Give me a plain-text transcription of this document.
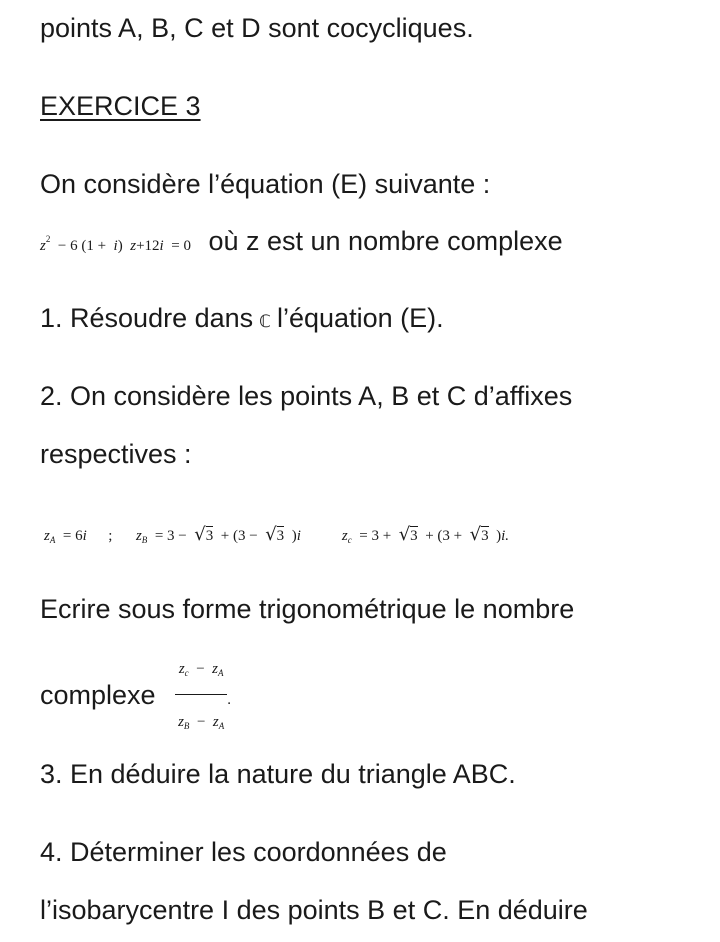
points A, B, C et D sont cocycliques.
EXERCICE 3
On considère l’équation (E) suivante :
$z^2 - 6$ (1 + i) z+12i = 0 où z est un nombre complexe
1. Résoudre dans ℂ l’équation (E).
2. On considère les points A, B et C d’affixes
respectives :
$z_A = 6i$ ; $z_B = 3 - √3 + (3 - √3$ )i	$z_c = 3 + √3 + (3 + √3$ )i.
Ecrire sous forme trigonométrique le nombre
complexe $\frac{z_c - z_A}{z_B - z_A}$ .
3. En déduire la nature du triangle ABC.
4. Déterminer les coordonnées de
l’isobarycentre I des points B et C. En déduire
